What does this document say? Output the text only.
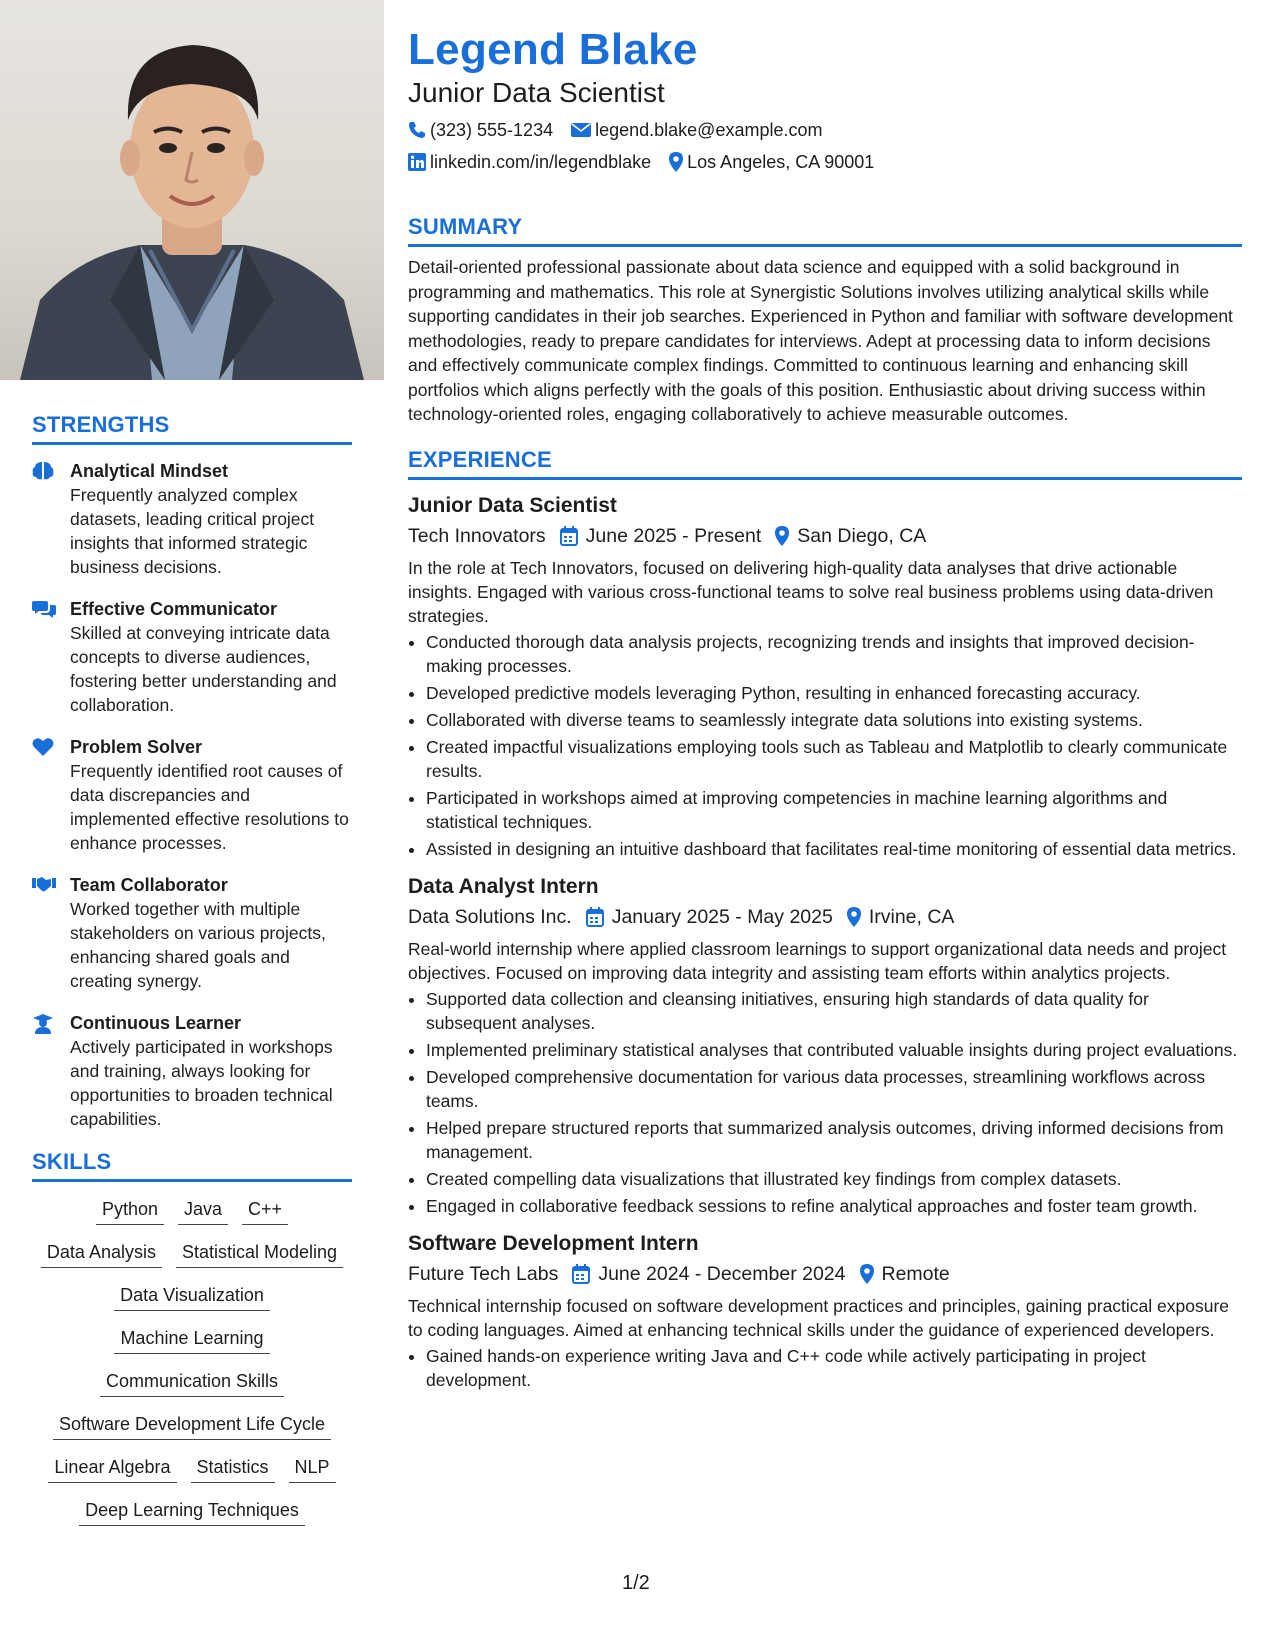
STRENGTHS
Analytical Mindset
Frequently analyzed complex datasets, leading critical project insights that informed strategic business decisions.
Effective Communicator
Skilled at conveying intricate data concepts to diverse audiences, fostering better understanding and collaboration.
Problem Solver
Frequently identified root causes of data discrepancies and implemented effective resolutions to enhance processes.
Team Collaborator
Worked together with multiple stakeholders on various projects, enhancing shared goals and creating synergy.
Continuous Learner
Actively participated in workshops and training, always looking for opportunities to broaden technical capabilities.
SKILLS
Python	Java	C++
Data Analysis	Statistical Modeling
Data Visualization
Machine Learning
Communication Skills
Software Development Life Cycle
Linear Algebra	Statistics	NLP
Deep Learning Techniques
Legend Blake
Junior Data Scientist
(323) 555-1234 legend.blake@example.com
linkedin.com/in/legendblake Los Angeles, CA 90001
SUMMARY

Detail-oriented professional passionate about data science and equipped with a solid background in programming and mathematics. This role at Synergistic Solutions involves utilizing analytical skills while supporting candidates in their job searches. Experienced in Python and familiar with software development methodologies, ready to prepare candidates for interviews. Adept at processing data to inform decisions and effectively communicate complex findings. Committed to continuous learning and enhancing skill portfolios which aligns perfectly with the goals of this position. Enthusiastic about driving success within technology-oriented roles, engaging collaboratively to achieve measurable outcomes.

EXPERIENCE
Junior Data Scientist
Tech Innovators June 2025 - Present San Diego, CA
In the role at Tech Innovators, focused on delivering high-quality data analyses that drive actionable insights. Engaged with various cross-functional teams to solve real business problems using data-driven strategies.
• Conducted thorough data analysis projects, recognizing trends and insights that improved decision-making processes.
• Developed predictive models leveraging Python, resulting in enhanced forecasting accuracy.
• Collaborated with diverse teams to seamlessly integrate data solutions into existing systems.
• Created impactful visualizations employing tools such as Tableau and Matplotlib to clearly communicate results.
• Participated in workshops aimed at improving competencies in machine learning algorithms and statistical techniques.
• Assisted in designing an intuitive dashboard that facilitates real-time monitoring of essential data metrics.
Data Analyst Intern
Data Solutions Inc. January 2025 - May 2025 Irvine, CA
Real-world internship where applied classroom learnings to support organizational data needs and project objectives. Focused on improving data integrity and assisting team efforts within analytics projects.
• Supported data collection and cleansing initiatives, ensuring high standards of data quality for subsequent analyses.
• Implemented preliminary statistical analyses that contributed valuable insights during project evaluations.
• Developed comprehensive documentation for various data processes, streamlining workflows across teams.
• Helped prepare structured reports that summarized analysis outcomes, driving informed decisions from management.
• Created compelling data visualizations that illustrated key findings from complex datasets.
• Engaged in collaborative feedback sessions to refine analytical approaches and foster team growth.
Software Development Intern
Future Tech Labs June 2024 - December 2024 Remote
Technical internship focused on software development practices and principles, gaining practical exposure to coding languages. Aimed at enhancing technical skills under the guidance of experienced developers.
• Gained hands-on experience writing Java and C++ code while actively participating in project development.
1/2
